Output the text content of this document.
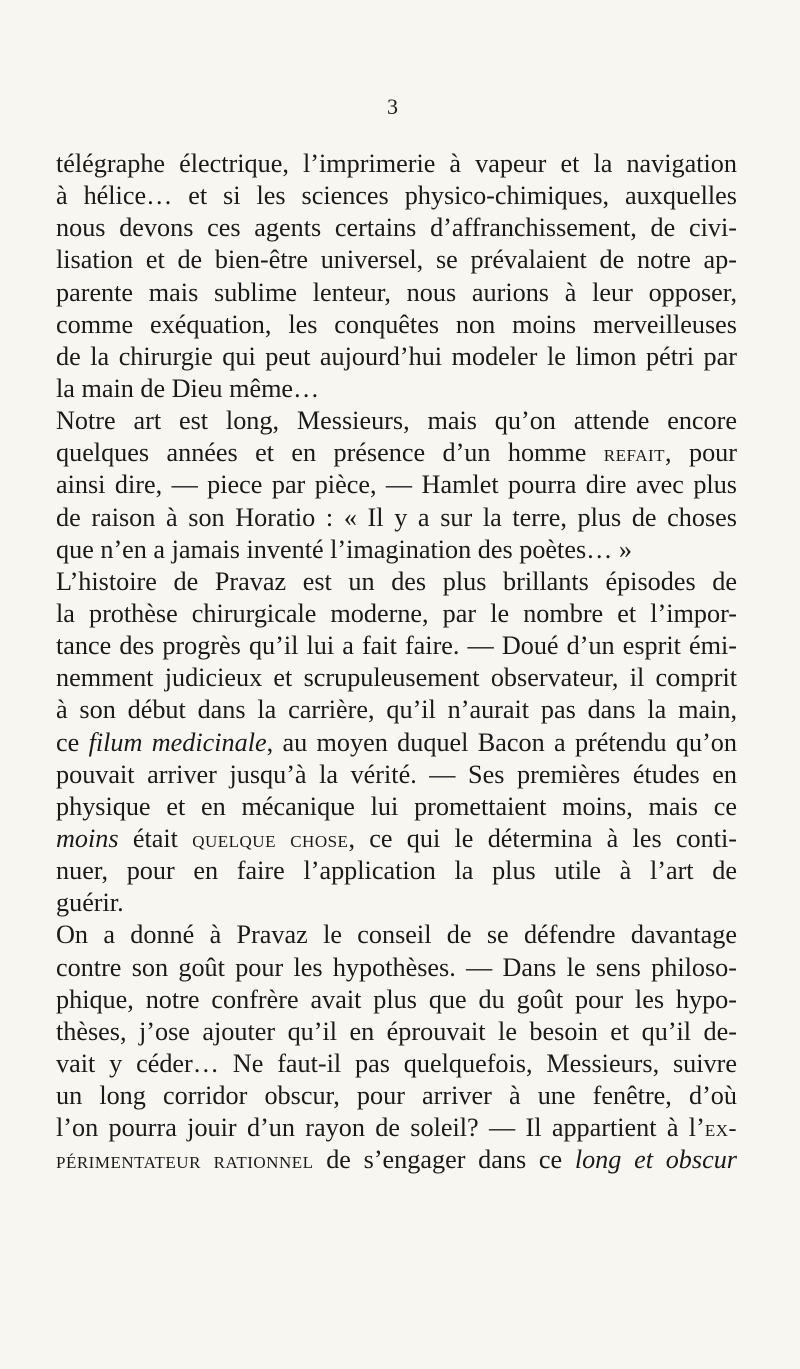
3
télégraphe électrique, l’imprimerie à vapeur et la navigation
à hélice… et si les sciences physico-chimiques, auxquelles
nous devons ces agents certains d’affranchissement, de civi-
lisation et de bien-être universel, se prévalaient de notre ap-
parente mais sublime lenteur, nous aurions à leur opposer,
comme exéquation, les conquêtes non moins merveilleuses
de la chirurgie qui peut aujourd’hui modeler le limon pétri par
la main de Dieu même…
Notre art est long, Messieurs, mais qu’on attende encore
quelques années et en présence d’un homme refait, pour
ainsi dire, — piece par pièce, — Hamlet pourra dire avec plus
de raison à son Horatio : « Il y a sur la terre, plus de choses
que n’en a jamais inventé l’imagination des poètes… »
L’histoire de Pravaz est un des plus brillants épisodes de
la prothèse chirurgicale moderne, par le nombre et l’impor-
tance des progrès qu’il lui a fait faire. — Doué d’un esprit émi-
nemment judicieux et scrupuleusement observateur, il comprit
à son début dans la carrière, qu’il n’aurait pas dans la main,
ce filum medicinale, au moyen duquel Bacon a prétendu qu’on
pouvait arriver jusqu’à la vérité. — Ses premières études en
physique et en mécanique lui promettaient moins, mais ce
moins était quelque chose, ce qui le détermina à les conti-
nuer, pour en faire l’application la plus utile à l’art de
guérir.
On a donné à Pravaz le conseil de se défendre davantage
contre son goût pour les hypothèses. — Dans le sens philoso-
phique, notre confrère avait plus que du goût pour les hypo-
thèses, j’ose ajouter qu’il en éprouvait le besoin et qu’il de-
vait y céder… Ne faut-il pas quelquefois, Messieurs, suivre
un long corridor obscur, pour arriver à une fenêtre, d’où
l’on pourra jouir d’un rayon de soleil? — Il appartient à l’ex-
périmentateur rationnel de s’engager dans ce long et obscur
